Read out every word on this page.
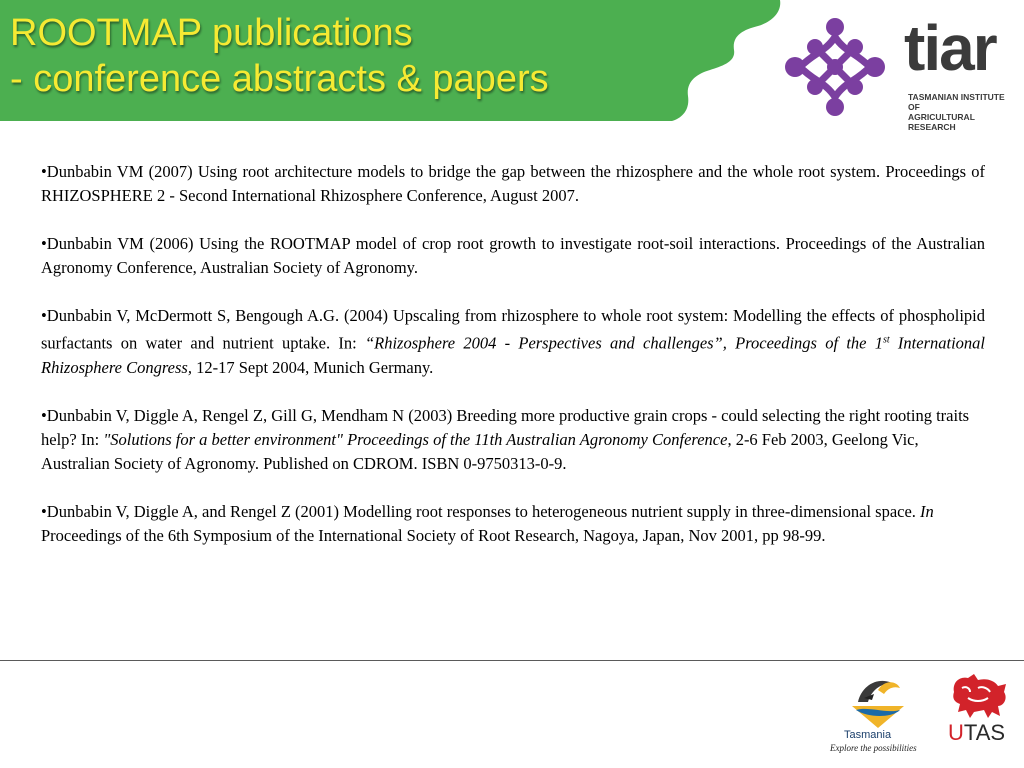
ROOTMAP publications
- conference abstracts & papers	tiar
TASMANIAN INSTITUTE OF
AGRICULTURAL RESEARCH

•Dunbabin VM (2007) Using root architecture models to bridge the gap between the rhizosphere and the whole root system. Proceedings of RHIZOSPHERE 2 - Second International Rhizosphere Conference, August 2007.

•Dunbabin VM (2006) Using the ROOTMAP model of crop root growth to investigate root-soil interactions. Proceedings of the Australian Agronomy Conference, Australian Society of Agronomy.

•Dunbabin V, McDermott S, Bengough A.G. (2004) Upscaling from rhizosphere to whole root system: Modelling the effects of phospholipid surfactants on water and nutrient uptake. In: “Rhizosphere 2004 - Perspectives and challenges”, Proceedings of the 1st International Rhizosphere Congress, 12-17 Sept 2004, Munich Germany.

•Dunbabin V, Diggle A, Rengel Z, Gill G, Mendham N (2003) Breeding more productive grain crops - could selecting the right rooting traits help? In: "Solutions for a better environment" Proceedings of the 11th Australian Agronomy Conference, 2-6 Feb 2003, Geelong Vic, Australian Society of Agronomy. Published on CDROM. ISBN 0-9750313-0-9.

•Dunbabin V, Diggle A, and Rengel Z (2001) Modelling root responses to heterogeneous nutrient supply in three-dimensional space. In Proceedings of the 6th Symposium of the International Society of Root Research, Nagoya, Japan, Nov 2001, pp 98-99.

Tasmania
Explore the possibilities
UTAS
